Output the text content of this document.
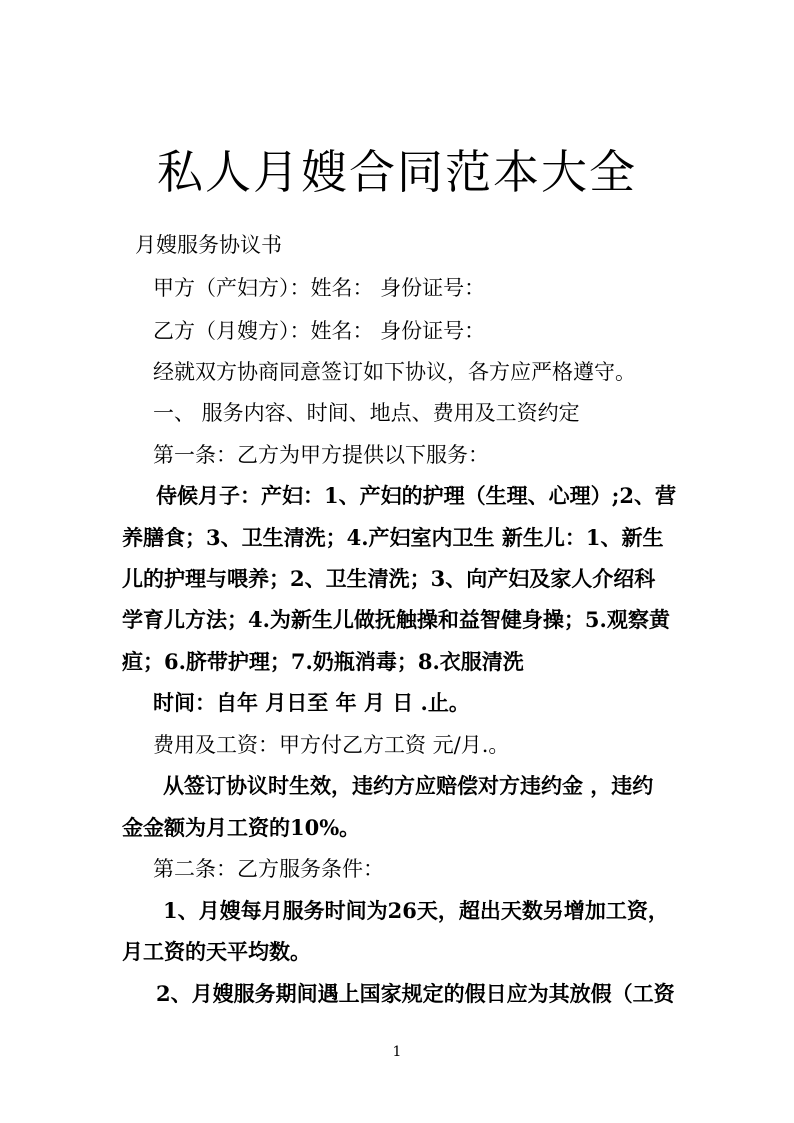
私人月嫂合同范本大全
月嫂服务协议书
甲方（产妇方）：姓名： 身份证号：
乙方（月嫂方）：姓名： 身份证号：
经就双方协商同意签订如下协议，各方应严格遵守。
一、 服务内容、时间、地点、费用及工资约定
第一条：乙方为甲方提供以下服务：
侍候月子：产妇：1、产妇的护理（生理、心理）;2、营
养膳食；3、卫生清洗；4.产妇室内卫生 新生儿：1、新生
儿的护理与喂养；2、卫生清洗；3、向产妇及家人介绍科
学育儿方法；4.为新生儿做抚触操和益智健身操；5.观察黄
疸；6.脐带护理；7.奶瓶消毒；8.衣服清洗
时间：自年 月日至 年 月 日 .止。
费用及工资：甲方付乙方工资 元/月.。
从签订协议时生效，违约方应赔偿对方违约金 ，违约
金金额为月工资的10%。
第二条：乙方服务条件：
1、月嫂每月服务时间为26天，超出天数另增加工资，
月工资的天平均数。
2、月嫂服务期间遇上国家规定的假日应为其放假（工资
1
